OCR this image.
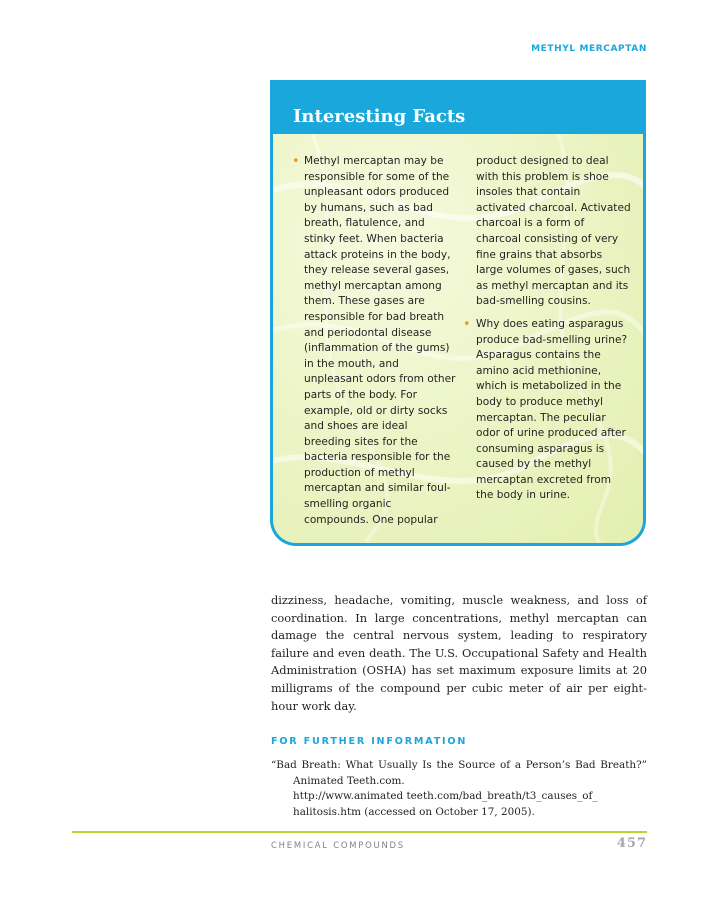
METHYL MERCAPTAN
Interesting Facts

• Methyl mercaptan may be responsible for some of the unpleasant odors produced by humans, such as bad breath, flatulence, and stinky feet. When bacteria attack proteins in the body, they release several gases, methyl mercaptan among them. These gases are responsible for bad breath and periodontal disease (inflammation of the gums) in the mouth, and unpleasant odors from other parts of the body. For example, old or dirty socks and shoes are ideal breeding sites for the bacteria responsible for the production of methyl mercaptan and similar foul-smelling organic compounds. One popular

product designed to deal with this problem is shoe insoles that contain activated charcoal. Activated charcoal is a form of charcoal consisting of very fine grains that absorbs large volumes of gases, such as methyl mercaptan and its bad-smelling cousins.

• Why does eating asparagus produce bad-smelling urine? Asparagus contains the amino acid methionine, which is metabolized in the body to produce methyl mercaptan. The peculiar odor of urine produced after consuming asparagus is caused by the methyl mercaptan excreted from the body in urine.

dizziness, headache, vomiting, muscle weakness, and loss of coordination. In large concentrations, methyl mercaptan can damage the central nervous system, leading to respiratory failure and even death. The U.S. Occupational Safety and Health Administration (OSHA) has set maximum exposure limits at 20 milligrams of the compound per cubic meter of air per eight-hour work day.

FOR FURTHER INFORMATION

“Bad Breath: What Usually Is the Source of a Person’s Bad Breath?” Animated Teeth.com.
http://www.animated teeth.com/bad_breath/t3_causes_of_ halitosis.htm (accessed on October 17, 2005).

CHEMICAL COMPOUNDS	457
